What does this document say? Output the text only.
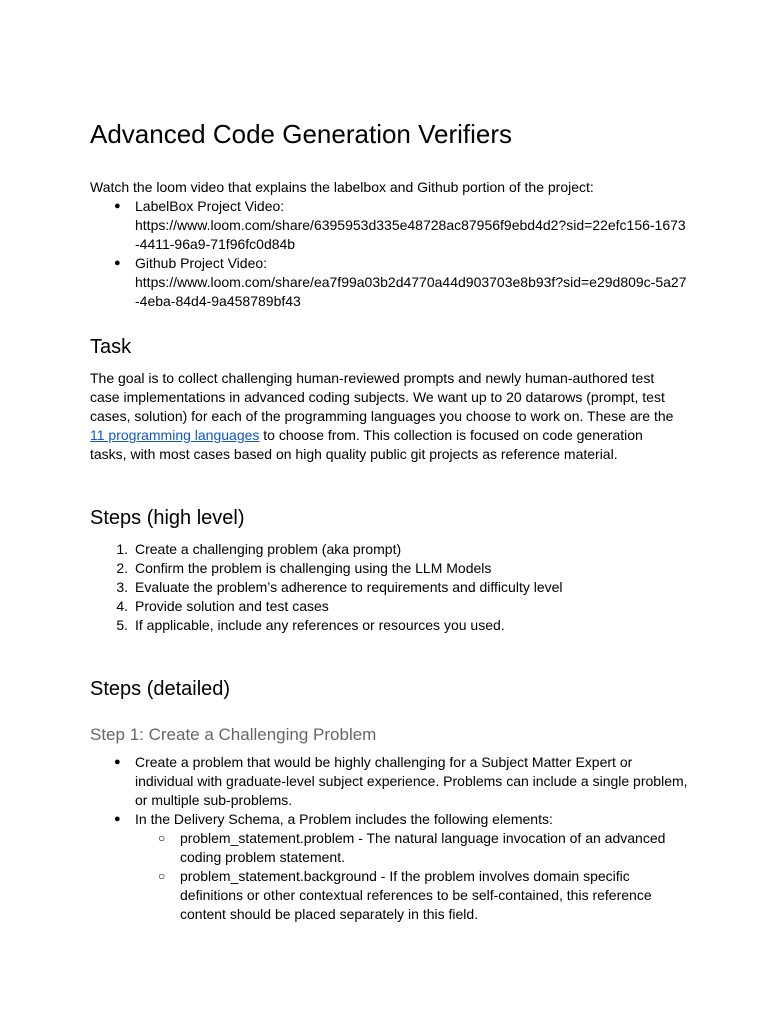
Advanced Code Generation Verifiers

Watch the loom video that explains the labelbox and Github portion of the project:

● LabelBox Project Video:
https://www.loom.com/share/6395953d335e48728ac87956f9ebd4d2?sid=22efc156-1673-4411-96a9-71f96fc0d84b
● Github Project Video:
https://www.loom.com/share/ea7f99a03b2d4770a44d903703e8b93f?sid=e29d809c-5a27-4eba-84d4-9a458789bf43
Task

The goal is to collect challenging human-reviewed prompts and newly human-authored test case implementations in advanced coding subjects. We want up to 20 datarows (prompt, test cases, solution) for each of the programming languages you choose to work on. These are the 11 programming languages to choose from. This collection is focused on code generation tasks, with most cases based on high quality public git projects as reference material.

Steps (high level)
1. Create a challenging problem (aka prompt)
2. Confirm the problem is challenging using the LLM Models
3. Evaluate the problem’s adherence to requirements and difficulty level
4. Provide solution and test cases
5. If applicable, include any references or resources you used.
Steps (detailed)
Step 1: Create a Challenging Problem
● Create a problem that would be highly challenging for a Subject Matter Expert or individual with graduate-level subject experience. Problems can include a single problem, or multiple sub-problems.
● In the Delivery Schema, a Problem includes the following elements:
○ problem_statement.problem - The natural language invocation of an advanced coding problem statement.
○ problem_statement.background - If the problem involves domain specific definitions or other contextual references to be self-contained, this reference content should be placed separately in this field.
